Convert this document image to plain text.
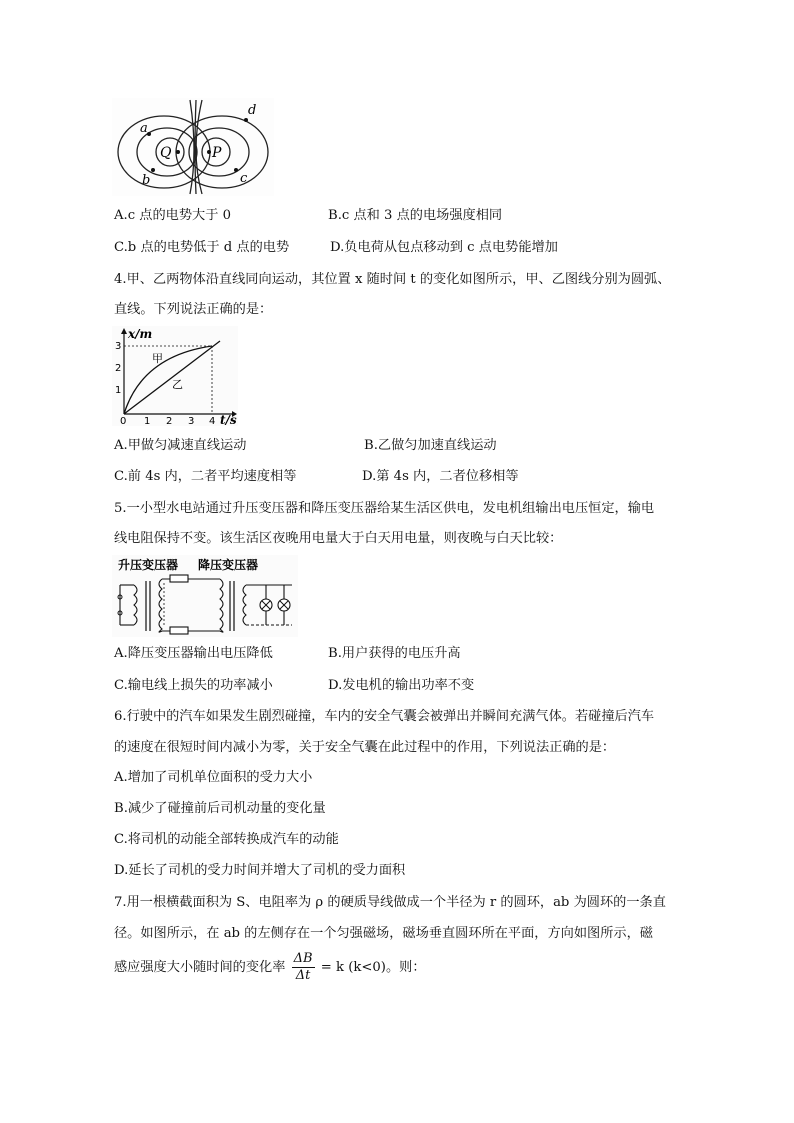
a
b	c
d
Q	P
A.c 点的电势大于 0	B.c 点和 3 点的电场强度相同
C.b 点的电势低于 d 点的电势	D.负电荷从包点移动到 c 点电势能增加
4.甲、乙两物体沿直线同向运动，其位置 x 随时间 t 的变化如图所示，甲、乙图线分别为圆弧、
直线。下列说法正确的是：
x/m
t/s
1
2
3
0 1 2 3 4
甲
乙
A.甲做匀减速直线运动	B.乙做匀加速直线运动
C.前 4s 内，二者平均速度相等	D.第 4s 内，二者位移相等
5.一小型水电站通过升压变压器和降压变压器给某生活区供电，发电机组输出电压恒定，输电
线电阻保持不变。该生活区夜晚用电量大于白天用电量，则夜晚与白天比较：
升压变压器 降压变压器
A.降压变压器输出电压降低	B.用户获得的电压升高
C.输电线上损失的功率减小	D.发电机的输出功率不变
6.行驶中的汽车如果发生剧烈碰撞，车内的安全气囊会被弹出并瞬间充满气体。若碰撞后汽车
的速度在很短时间内减小为零，关于安全气囊在此过程中的作用，下列说法正确的是：
A.增加了司机单位面积的受力大小
B.减少了碰撞前后司机动量的变化量
C.将司机的动能全部转换成汽车的动能
D.延长了司机的受力时间并增大了司机的受力面积
7.用一根横截面积为 S、电阻率为 ρ 的硬质导线做成一个半径为 r 的圆环，ab 为圆环的一条直
径。如图所示，在 ab 的左侧存在一个匀强磁场，磁场垂直圆环所在平面，方向如图所示，磁
感应强度大小随时间的变化率 $\frac{\Delta B}{\Delta t} = k$ (k<0)。则：
